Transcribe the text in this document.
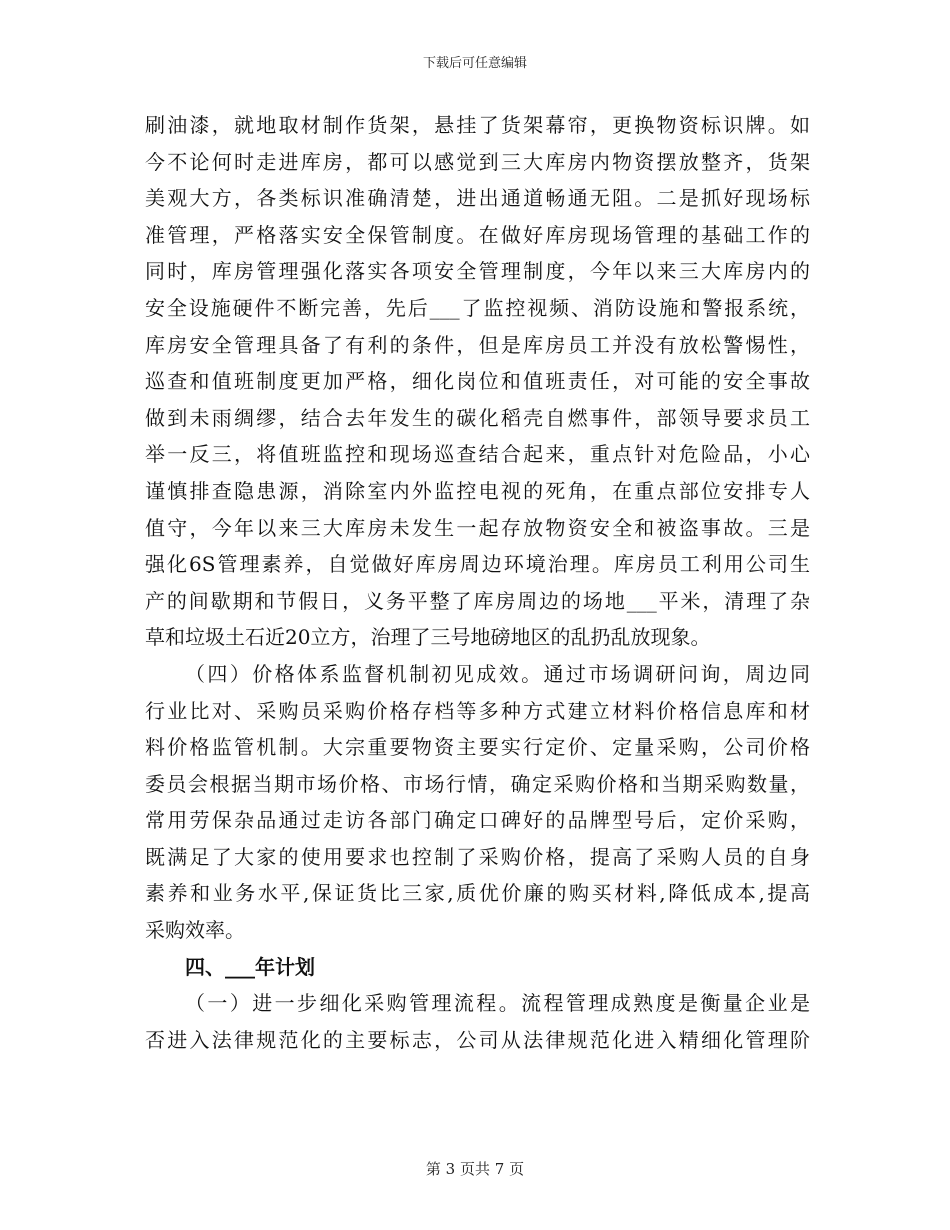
下载后可任意编辑
刷油漆，就地取材制作货架，悬挂了货架幕帘，更换物资标识牌。如
今不论何时走进库房，都可以感觉到三大库房内物资摆放整齐，货架
美观大方，各类标识准确清楚，进出通道畅通无阻。二是抓好现场标
准管理，严格落实安全保管制度。在做好库房现场管理的基础工作的
同时，库房管理强化落实各项安全管理制度，今年以来三大库房内的
安全设施硬件不断完善，先后___了监控视频、消防设施和警报系统，
库房安全管理具备了有利的条件，但是库房员工并没有放松警惕性，
巡查和值班制度更加严格，细化岗位和值班责任，对可能的安全事故
做到未雨绸缪，结合去年发生的碳化稻壳自燃事件，部领导要求员工
举一反三，将值班监控和现场巡查结合起来，重点针对危险品，小心
谨慎排查隐患源，消除室内外监控电视的死角，在重点部位安排专人
值守，今年以来三大库房未发生一起存放物资安全和被盗事故。三是
强化6S管理素养，自觉做好库房周边环境治理。库房员工利用公司生
产的间歇期和节假日，义务平整了库房周边的场地___平米，清理了杂
草和垃圾土石近20立方，治理了三号地磅地区的乱扔乱放现象。
（四）价格体系监督机制初见成效。通过市场调研问询，周边同
行业比对、采购员采购价格存档等多种方式建立材料价格信息库和材
料价格监管机制。大宗重要物资主要实行定价、定量采购，公司价格
委员会根据当期市场价格、市场行情，确定采购价格和当期采购数量，
常用劳保杂品通过走访各部门确定口碑好的品牌型号后，定价采购，
既满足了大家的使用要求也控制了采购价格，提高了采购人员的自身
素养和业务水平,保证货比三家,质优价廉的购买材料,降低成本,提高
采购效率。
四、___年计划
（一）进一步细化采购管理流程。流程管理成熟度是衡量企业是
否进入法律规范化的主要标志，公司从法律规范化进入精细化管理阶
第 3 页共 7 页
